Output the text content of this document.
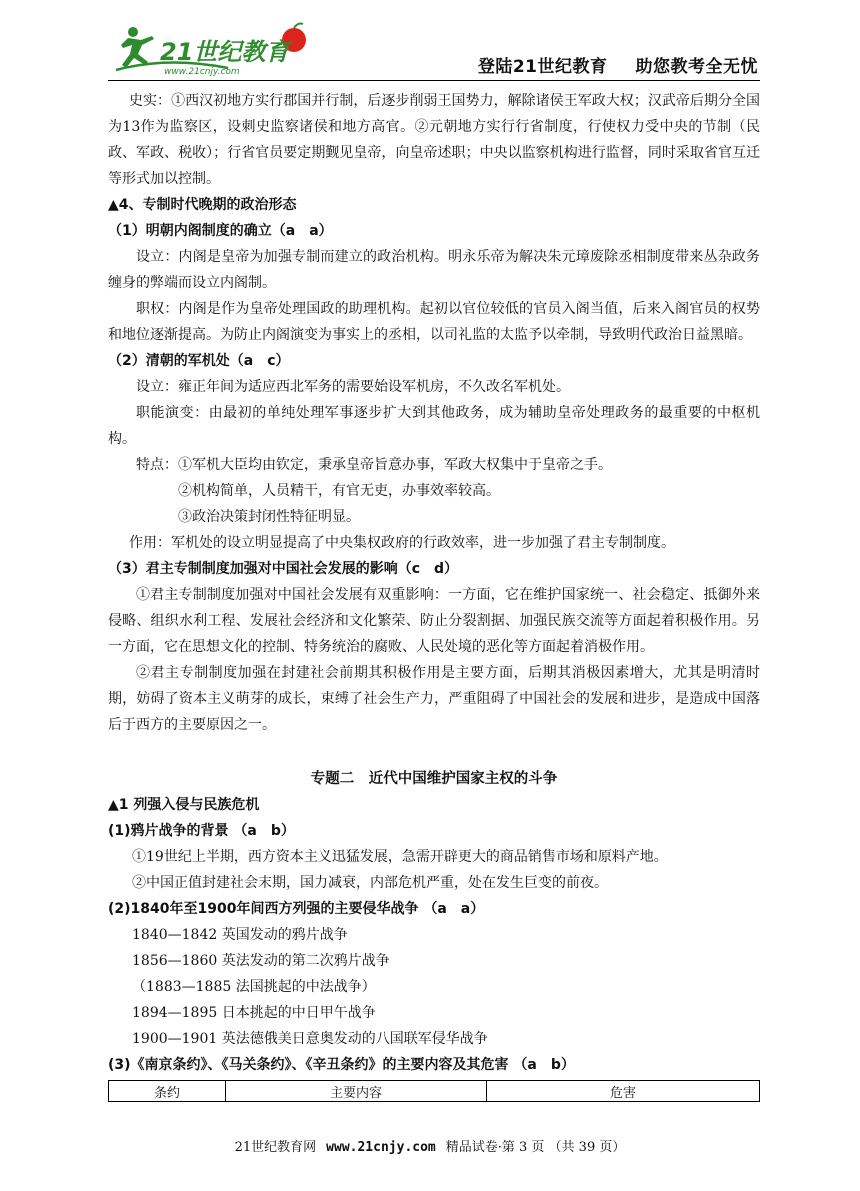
21世纪教育
www.21cnjy.com	登陆21世纪教育 助您教考全无忧

史实：①西汉初地方实行郡国并行制，后逐步削弱王国势力，解除诸侯王军政大权；汉武帝后期分全国为13作为监察区，设刺史监察诸侯和地方高官。②元朝地方实行行省制度，行使权力受中央的节制（民政、军政、税收）；行省官员要定期觐见皇帝，向皇帝述职；中央以监察机构进行监督，同时采取省官互迁等形式加以控制。

▲4、专制时代晚期的政治形态

（1）明朝内阁制度的确立（a　a）

设立：内阁是皇帝为加强专制而建立的政治机构。明永乐帝为解决朱元璋废除丞相制度带来丛杂政务缠身的弊端而设立内阁制。

职权：内阁是作为皇帝处理国政的助理机构。起初以官位较低的官员入阁当值，后来入阁官员的权势和地位逐渐提高。为防止内阁演变为事实上的丞相，以司礼监的太监予以牵制，导致明代政治日益黑暗。

（2）清朝的军机处（a　c）

设立：雍正年间为适应西北军务的需要始设军机房，不久改名军机处。

职能演变：由最初的单纯处理军事逐步扩大到其他政务，成为辅助皇帝处理政务的最重要的中枢机构。

特点：①军机大臣均由钦定，秉承皇帝旨意办事，军政大权集中于皇帝之手。

②机构简单，人员精干，有官无吏，办事效率较高。

③政治决策封闭性特征明显。

作用：军机处的设立明显提高了中央集权政府的行政效率，进一步加强了君主专制制度。

（3）君主专制制度加强对中国社会发展的影响（c　d）

①君主专制制度加强对中国社会发展有双重影响：一方面，它在维护国家统一、社会稳定、抵御外来侵略、组织水利工程、发展社会经济和文化繁荣、防止分裂割据、加强民族交流等方面起着积极作用。另一方面，它在思想文化的控制、特务统治的腐败、人民处境的恶化等方面起着消极作用。

②君主专制制度加强在封建社会前期其积极作用是主要方面，后期其消极因素增大，尤其是明清时期，妨碍了资本主义萌芽的成长，束缚了社会生产力，严重阻碍了中国社会的发展和进步，是造成中国落后于西方的主要原因之一。

专题二　近代中国维护国家主权的斗争

▲1 列强入侵与民族危机

(1)鸦片战争的背景 （a　b）

①19世纪上半期，西方资本主义迅猛发展，急需开辟更大的商品销售市场和原料产地。

②中国正值封建社会末期，国力减衰，内部危机严重，处在发生巨变的前夜。

(2)1840年至1900年间西方列强的主要侵华战争 （a　a）

1840—1842 英国发动的鸦片战争

1856—1860 英法发动的第二次鸦片战争

（1883—1885 法国挑起的中法战争）

1894—1895 日本挑起的中日甲午战争

1900—1901 英法德俄美日意奥发动的八国联军侵华战争

(3)《南京条约》、《马关条约》、《辛丑条约》的主要内容及其危害 （a　b）

条约	主要内容	危害
21世纪教育网 www.21cnjy.com 精品试卷·第 3 页 （共 39 页）
